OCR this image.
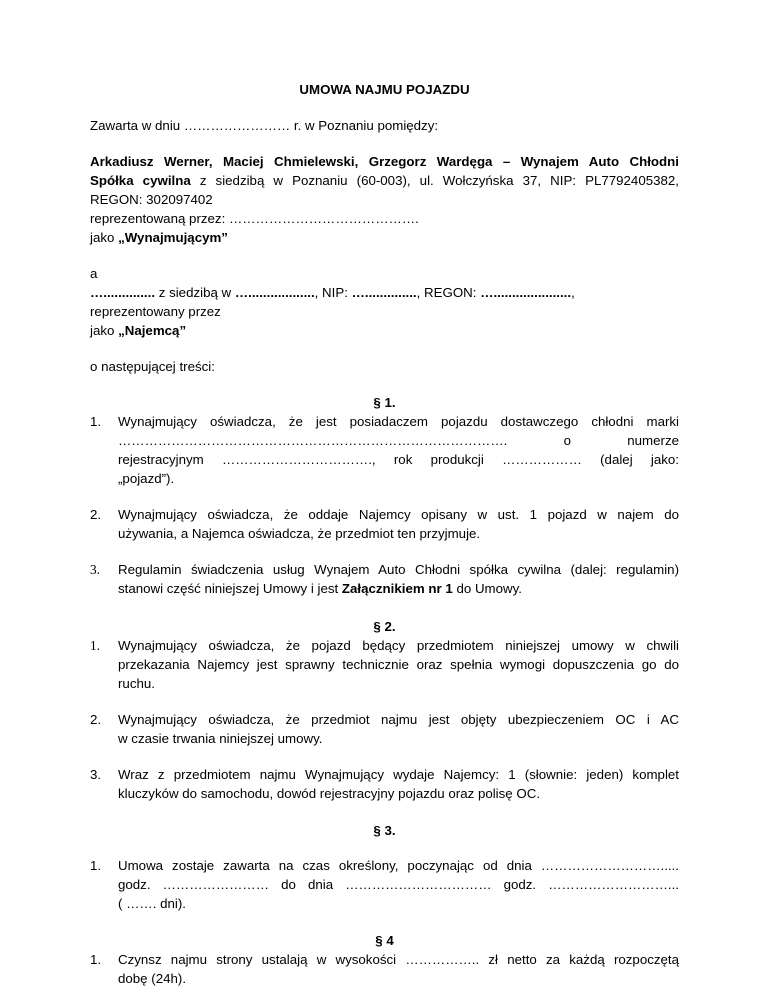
UMOWA NAJMU POJAZDU
Zawarta w dniu …………………… r. w Poznaniu pomiędzy:
Arkadiusz Werner, Maciej Chmielewski, Grzegorz Wardęga – Wynajem Auto Chłodni
Spółka cywilna z siedzibą w Poznaniu (60-003), ul. Wołczyńska 37, NIP: PL7792405382,
REGON: 302097402
reprezentowaną przez: …………………………………….
jako „Wynajmującym”
a
….............. z siedzibą w ….................., NIP: ….............., REGON: ….....................,
reprezentowany przez
jako „Najemcą”
o następującej treści:
§ 1.
1.	Wynajmujący oświadcza, że jest posiadaczem pojazdu dostawczego chłodni marki
……………………………………………………………………………. o numerze
rejestracyjnym ……………………………., rok produkcji ……………… (dalej jako:
„pojazd”).
2.	Wynajmujący oświadcza, że oddaje Najemcy opisany w ust. 1 pojazd w najem do
używania, a Najemca oświadcza, że przedmiot ten przyjmuje.
3.	Regulamin świadczenia usług Wynajem Auto Chłodni spółka cywilna (dalej: regulamin)
stanowi część niniejszej Umowy i jest Załącznikiem nr 1 do Umowy.
§ 2.
1.	Wynajmujący oświadcza, że pojazd będący przedmiotem niniejszej umowy w chwili
przekazania Najemcy jest sprawny technicznie oraz spełnia wymogi dopuszczenia go do
ruchu.
2.	Wynajmujący oświadcza, że przedmiot najmu jest objęty ubezpieczeniem OC i AC
w czasie trwania niniejszej umowy.
3.	Wraz z przedmiotem najmu Wynajmujący wydaje Najemcy: 1 (słownie: jeden) komplet
kluczyków do samochodu, dowód rejestracyjny pojazdu oraz polisę OC.
§ 3.
1.	Umowa zostaje zawarta na czas określony, poczynając od dnia ……………………….....
godz. …………………… do dnia …………………………… godz. ………………………...
( ……. dni).
§ 4
1.	Czynsz najmu strony ustalają w wysokości …………….. zł netto za każdą rozpoczętą
dobę (24h).
